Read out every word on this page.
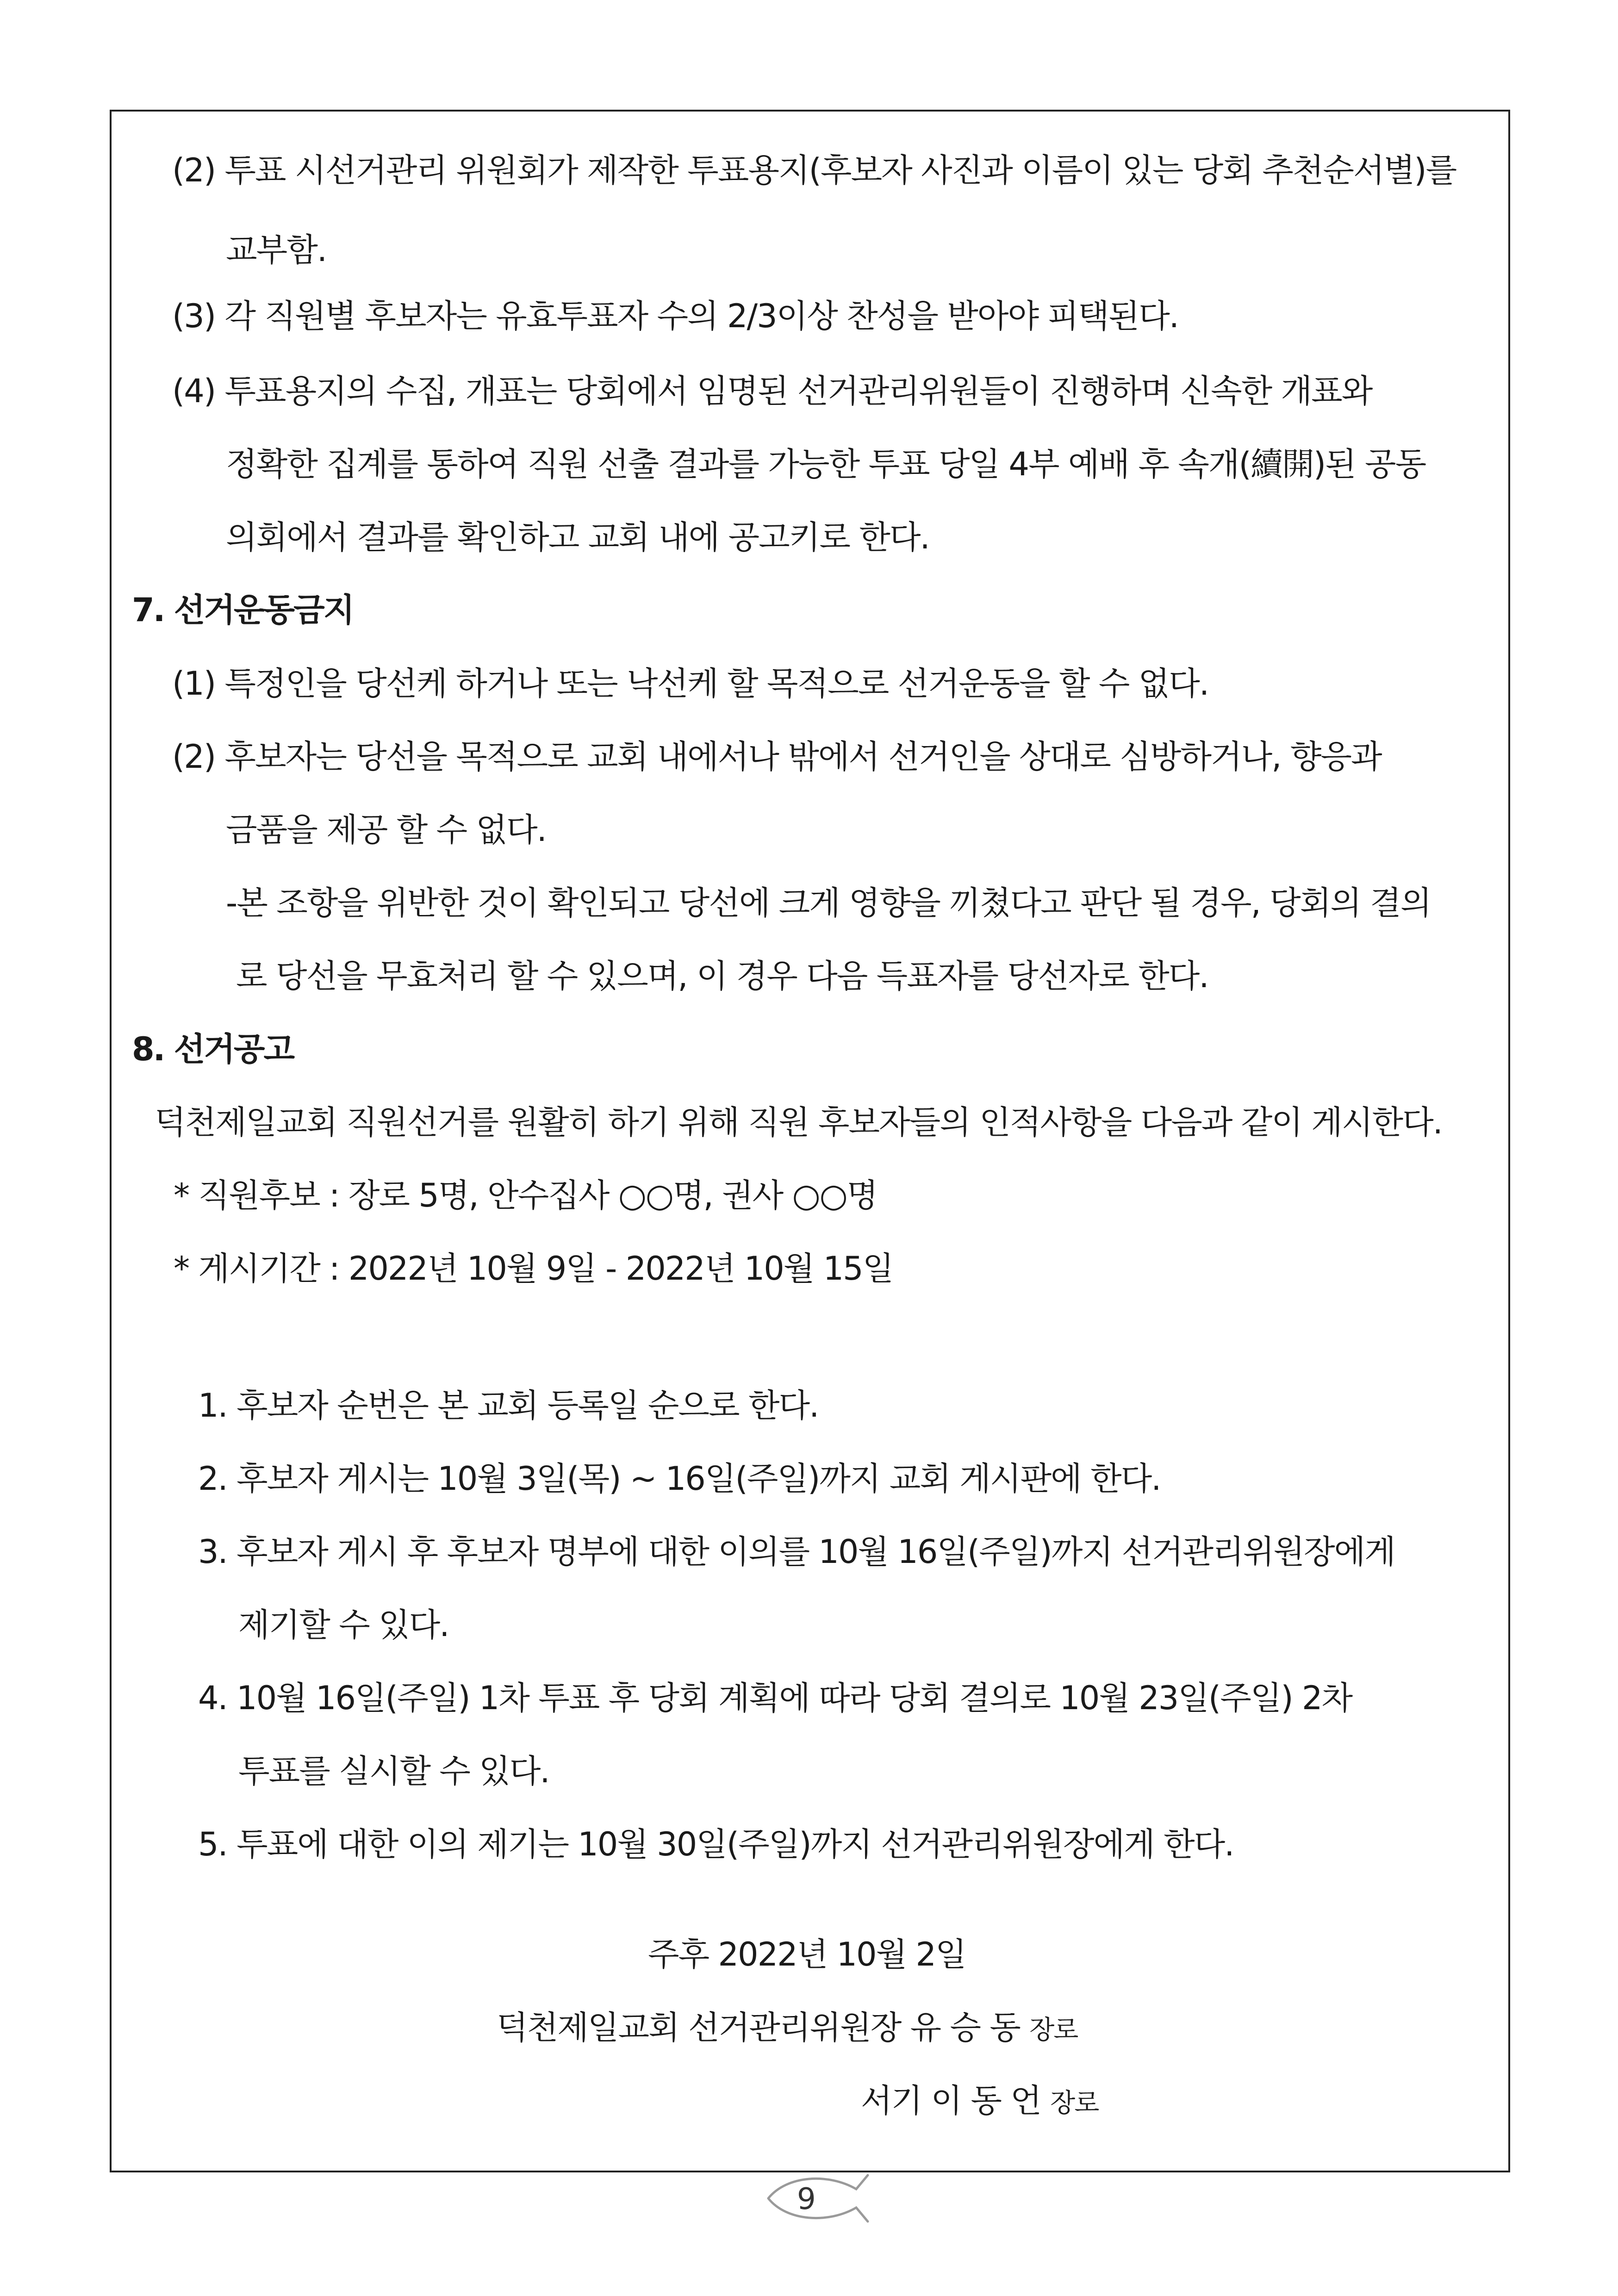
(2) 투표 시선거관리 위원회가 제작한 투표용지(후보자 사진과 이름이 있는 당회 추천순서별)를
교부함.
(3) 각 직원별 후보자는 유효투표자 수의 2/3이상 찬성을 받아야 피택된다.
(4) 투표용지의 수집, 개표는 당회에서 임명된 선거관리위원들이 진행하며 신속한 개표와
정확한 집계를 통하여 직원 선출 결과를 가능한 투표 당일 4부 예배 후 속개(續開)된 공동
의회에서 결과를 확인하고 교회 내에 공고키로 한다.
7. 선거운동금지
(1) 특정인을 당선케 하거나 또는 낙선케 할 목적으로 선거운동을 할 수 없다.
(2) 후보자는 당선을 목적으로 교회 내에서나 밖에서 선거인을 상대로 심방하거나, 향응과
금품을 제공 할 수 없다.
-본 조항을 위반한 것이 확인되고 당선에 크게 영향을 끼쳤다고 판단 될 경우, 당회의 결의
로 당선을 무효처리 할 수 있으며, 이 경우 다음 득표자를 당선자로 한다.
8. 선거공고
덕천제일교회 직원선거를 원활히 하기 위해 직원 후보자들의 인적사항을 다음과 같이 게시한다.
* 직원후보 : 장로 5명, 안수집사 ○○명, 권사 ○○명
* 게시기간 : 2022년 10월 9일 - 2022년 10월 15일
1. 후보자 순번은 본 교회 등록일 순으로 한다.
2. 후보자 게시는 10월 3일(목) ~ 16일(주일)까지 교회 게시판에 한다.
3. 후보자 게시 후 후보자 명부에 대한 이의를 10월 16일(주일)까지 선거관리위원장에게
제기할 수 있다.
4. 10월 16일(주일) 1차 투표 후 당회 계획에 따라 당회 결의로 10월 23일(주일) 2차
투표를 실시할 수 있다.
5. 투표에 대한 이의 제기는 10월 30일(주일)까지 선거관리위원장에게 한다.
주후 2022년 10월 2일
덕천제일교회 선거관리위원장 유 승 동 장로
서기 이 동 언 장로
9
